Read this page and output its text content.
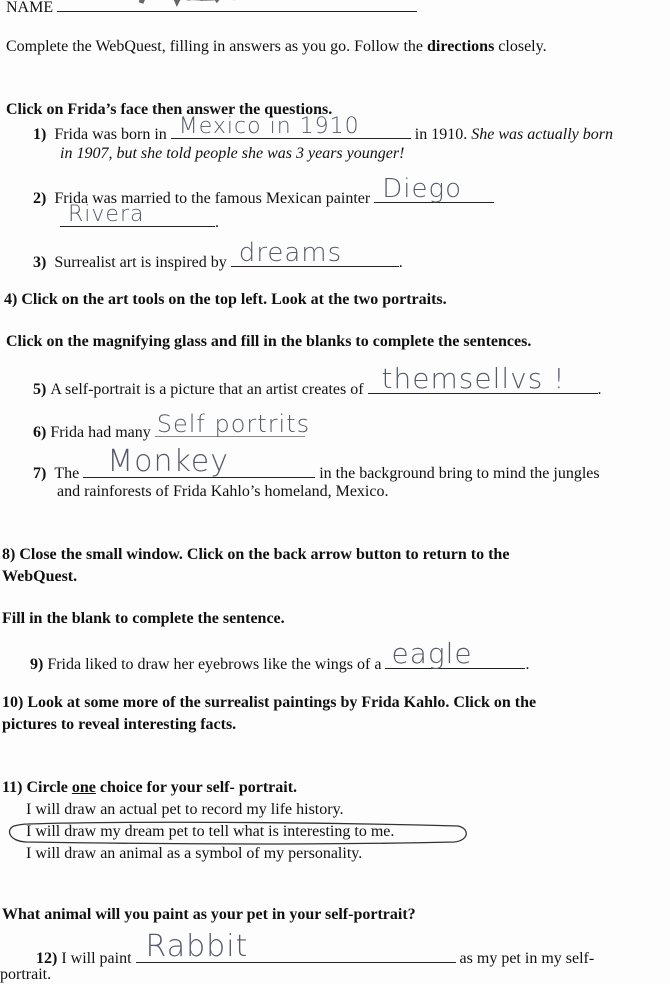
NAME
Complete the WebQuest, filling in answers as you go. Follow the directions closely.
Click on Frida’s face then answer the questions.
1) Frida was born in Mexico in 1910	in 1910. She was actually born
in 1907, but she told people she was 3 years younger!
2) Frida was married to the famous Mexican painter Diego
Rivera	.
3) Surrealist art is inspired by dreams	.
4) Click on the art tools on the top left. Look at the two portraits.
Click on the magnifying glass and fill in the blanks to complete the sentences.
5) A self-portrait is a picture that an artist creates of themsellvs ! .
6) Frida had many Self portrits
7) The Monkey	in the background bring to mind the jungles
and rainforests of Frida Kahlo’s homeland, Mexico.
8) Close the small window. Click on the back arrow button to return to the
WebQuest.
Fill in the blank to complete the sentence.
9) Frida liked to draw her eyebrows like the wings of a eagle	.
10) Look at some more of the surrealist paintings by Frida Kahlo. Click on the
pictures to reveal interesting facts.
11) Circle one choice for your self- portrait.
I will draw an actual pet to record my life history.
I will draw my dream pet to tell what is interesting to me.
I will draw an animal as a symbol of my personality.
What animal will you paint as your pet in your self-portrait?
12) I will paint Rabbit	as my pet in my self-
portrait.
